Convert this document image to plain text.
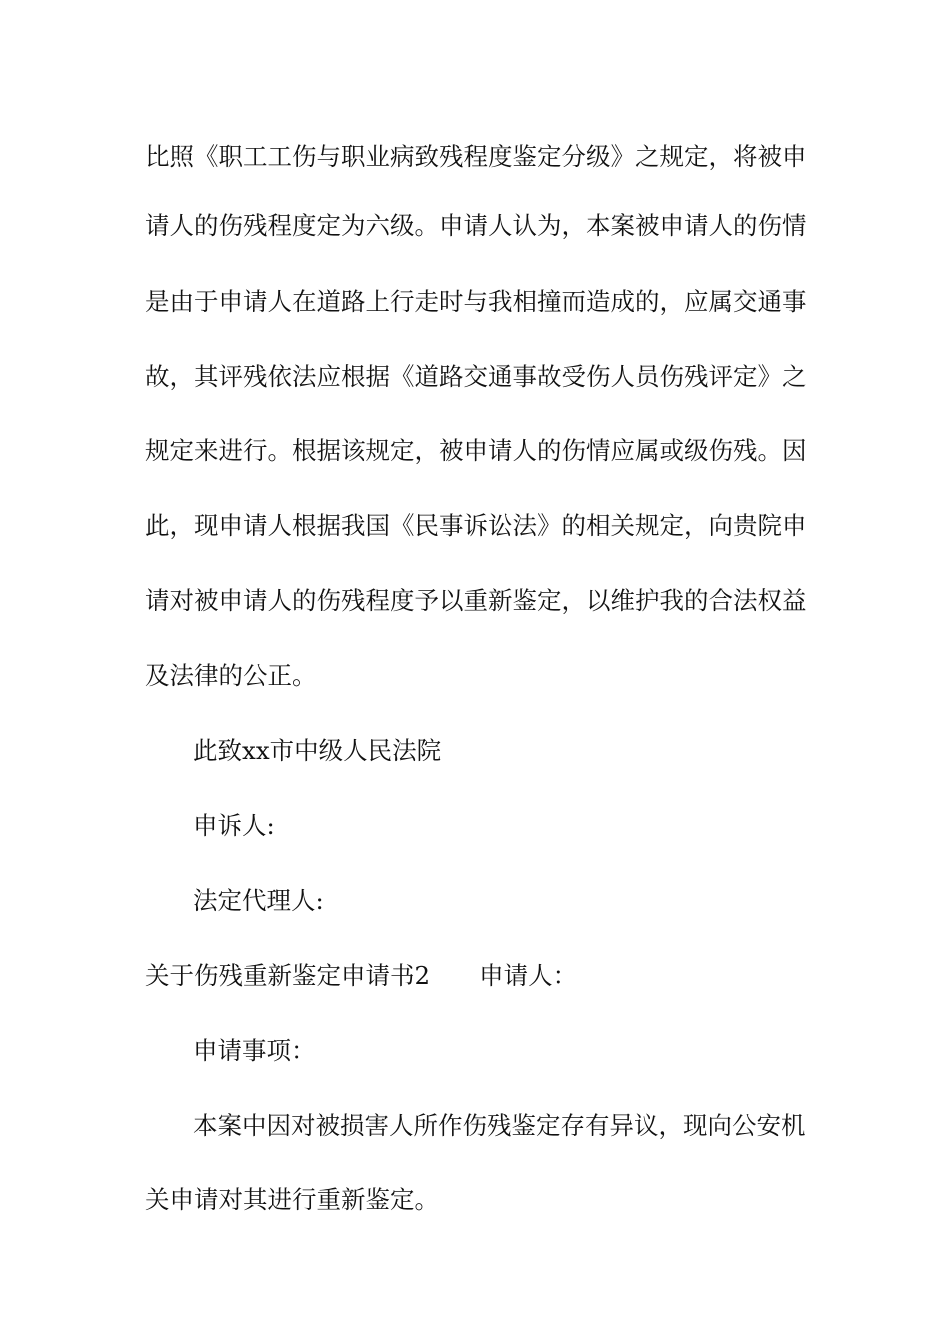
比照《职工工伤与职业病致残程度鉴定分级》之规定，将被申
请人的伤残程度定为六级。申请人认为，本案被申请人的伤情
是由于申请人在道路上行走时与我相撞而造成的，应属交通事
故，其评残依法应根据《道路交通事故受伤人员伤残评定》之
规定来进行。根据该规定，被申请人的伤情应属或级伤残。因
此，现申请人根据我国《民事诉讼法》的相关规定，向贵院申
请对被申请人的伤残程度予以重新鉴定，以维护我的合法权益
及法律的公正。
此致xx市中级人民法院
申诉人:
法定代理人:
关于伤残重新鉴定申请书2　　申请人：
申请事项：
本案中因对被损害人所作伤残鉴定存有异议，现向公安机
关申请对其进行重新鉴定。
